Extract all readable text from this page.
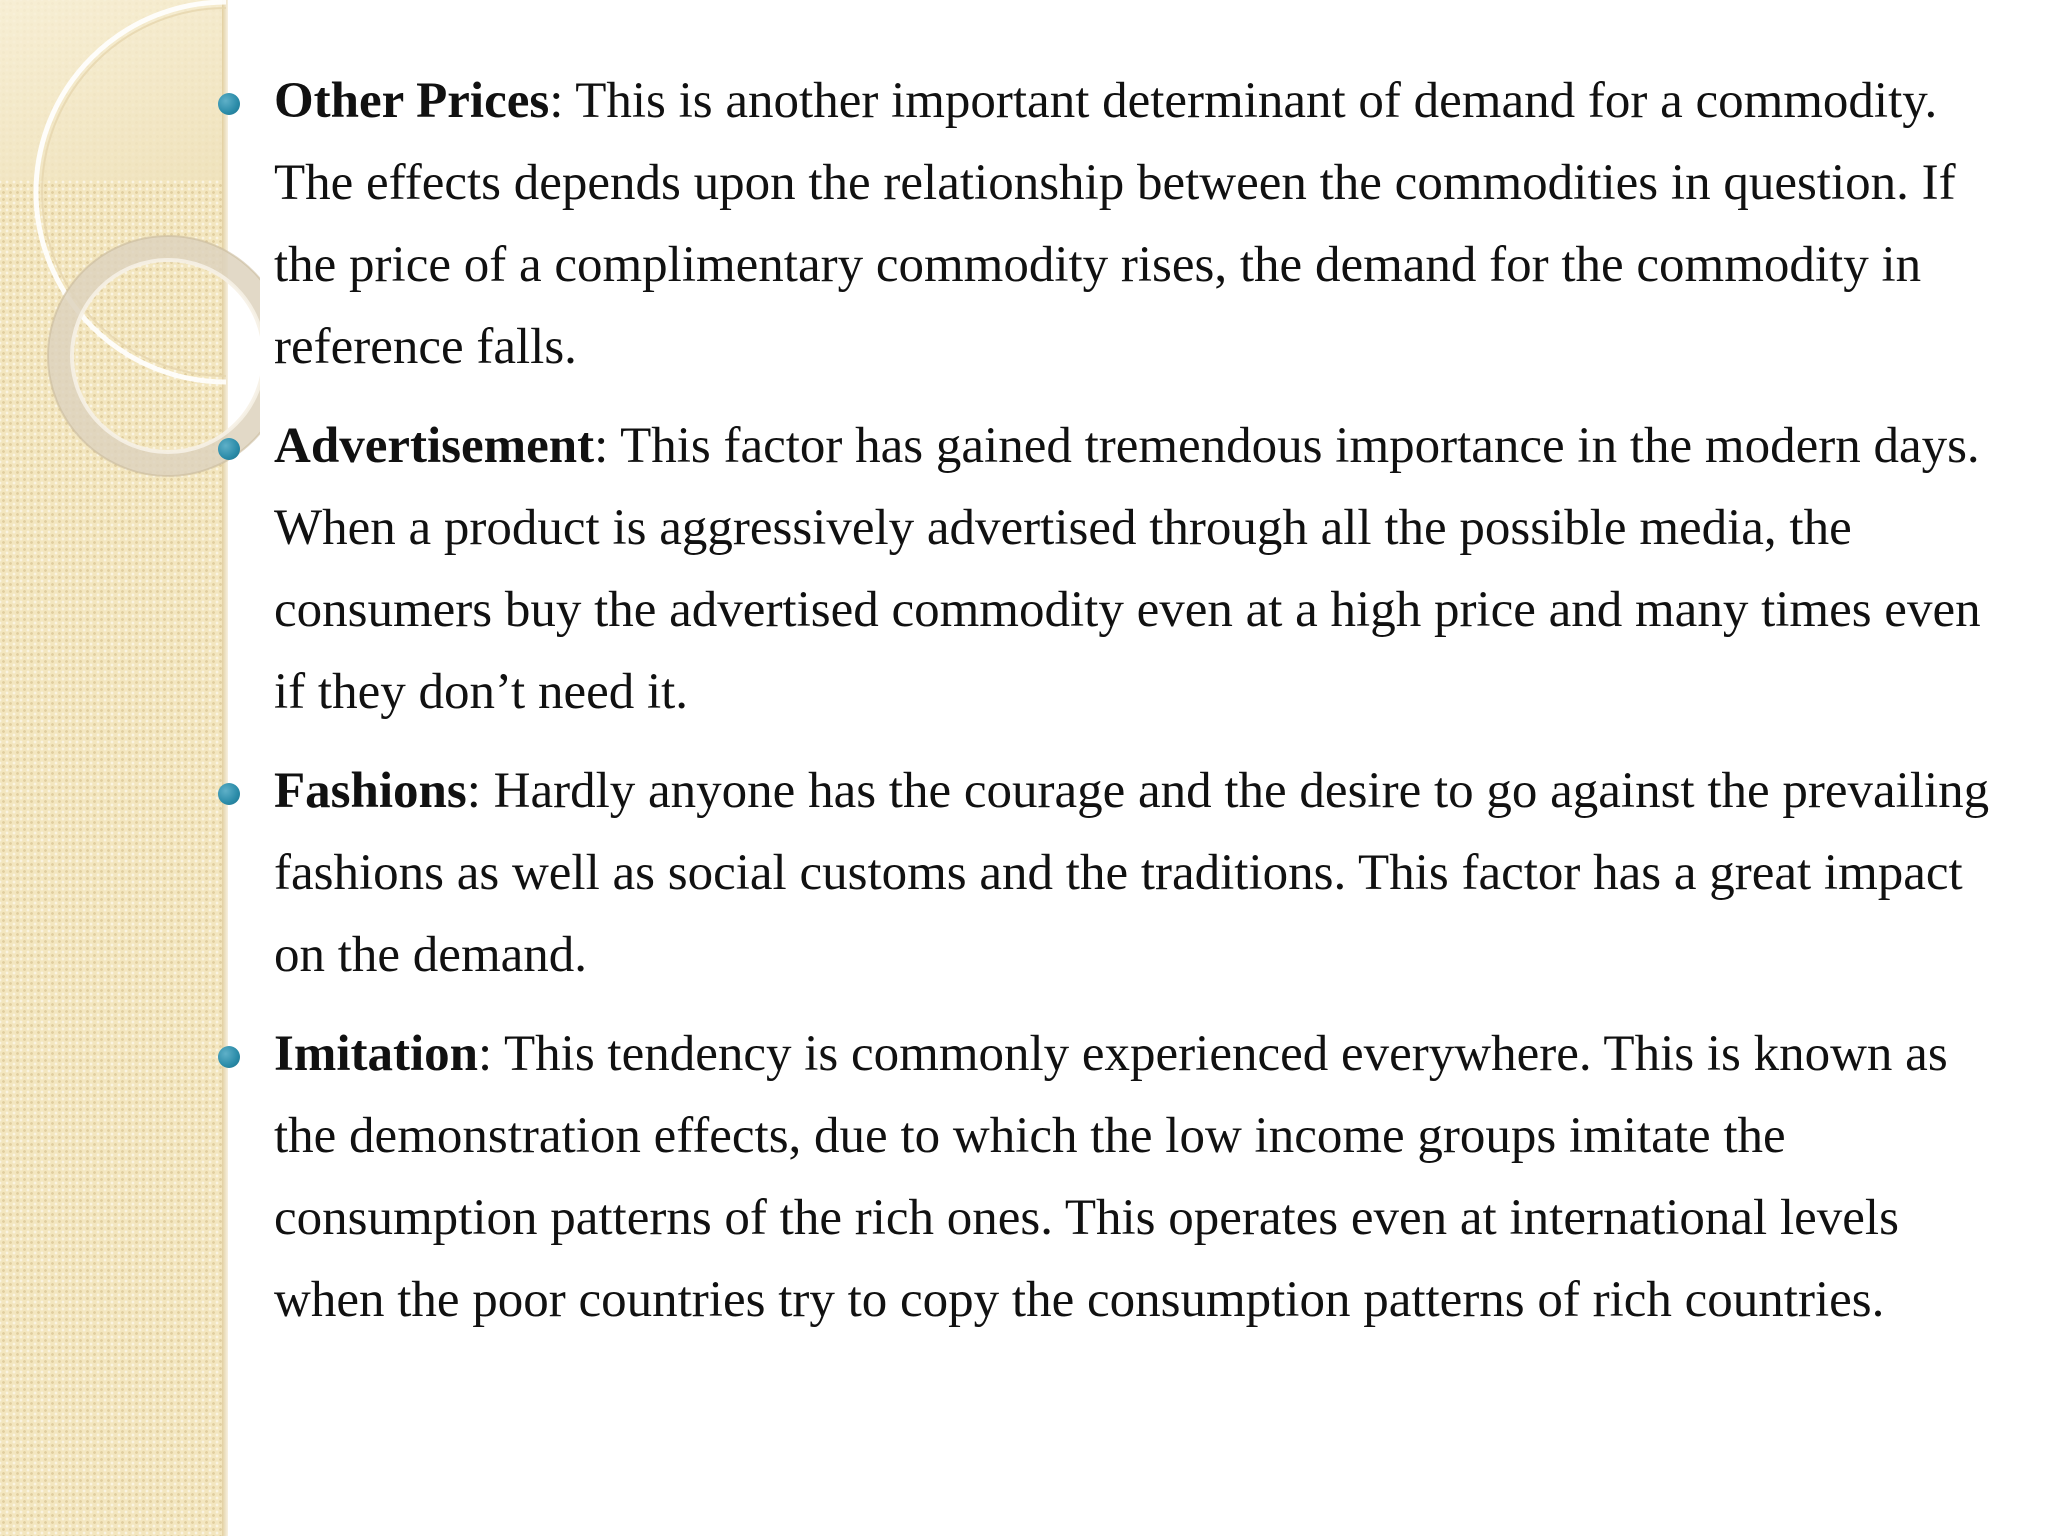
Other Prices: This is another important determinant of demand for a commodity. The effects depends upon the relationship between the commodities in question. If the price of a complimentary commodity rises, the demand for the commodity in reference falls.
Advertisement: This factor has gained tremendous importance in the modern days. When a product is aggressively advertised through all the possible media, the consumers buy the advertised commodity even at a high price and many times even if they don’t need it.
Fashions: Hardly anyone has the courage and the desire to go against the prevailing fashions as well as social customs and the traditions. This factor has a great impact on the demand.
Imitation: This tendency is commonly experienced everywhere. This is known as the demonstration effects, due to which the low income groups imitate the consumption patterns of the rich ones. This operates even at international levels when the poor countries try to copy the consumption patterns of rich countries.
